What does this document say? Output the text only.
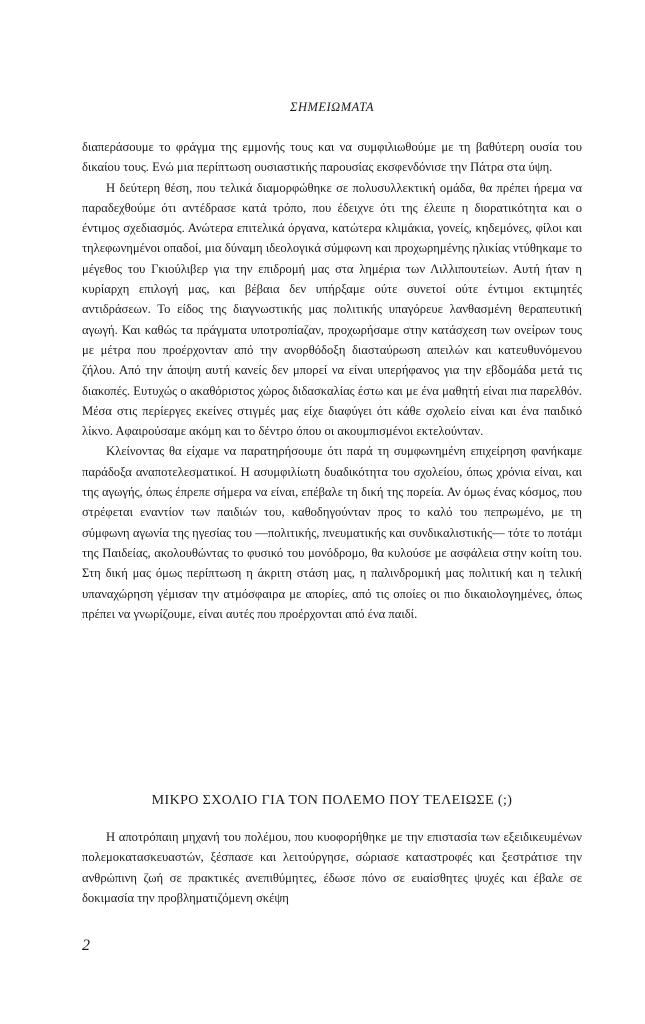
ΣΗΜΕΙΩΜΑΤΑ

διαπεράσουμε το φράγμα της εμμονής τους και να συμφιλιωθούμε με τη βαθύτερη ουσία του δικαίου τους. Ενώ μια περίπτωση ουσιαστικής παρουσίας εκσφενδόνισε την Πάτρα στα ύψη.

Η δεύτερη θέση, που τελικά διαμορφώθηκε σε πολυσυλλεκτική ομάδα, θα πρέπει ήρεμα να παραδεχθούμε ότι αντέδρασε κατά τρόπο, που έδειχνε ότι της έλειπε η διορατικότητα και ο έντιμος σχεδιασμός. Ανώτερα επιτελικά όργανα, κατώτερα κλιμάκια, γονείς, κηδεμόνες, φίλοι και τηλεφωνημένοι οπαδοί, μια δύναμη ιδεολογικά σύμφωνη και προχωρημένης ηλικίας ντύθηκαμε το μέγεθος του Γκιούλιβερ για την επιδρομή μας στα λημέρια των Λιλλιπουτείων. Αυτή ήταν η κυρίαρχη επιλογή μας, και βέβαια δεν υπήρξαμε ούτε συνετοί ούτε έντιμοι εκτιμητές αντιδράσεων. Το είδος της διαγνωστικής μας πολιτικής υπαγόρευε λανθασμένη θεραπευτική αγωγή. Και καθώς τα πράγματα υποτροπίαζαν, προχωρήσαμε στην κατάσχεση των ονείρων τους με μέτρα που προέρχονταν από την ανορθόδοξη διασταύρωση απειλών και κατευθυνόμενου ζήλου. Από την άποψη αυτή κανείς δεν μπορεί να είναι υπερήφανος για την εβδομάδα μετά τις διακοπές. Ευτυχώς ο ακαθόριστος χώρος διδασκαλίας έστω και με ένα μαθητή είναι πια παρελθόν. Μέσα στις περίεργες εκείνες στιγμές μας είχε διαφύγει ότι κάθε σχολείο είναι και ένα παιδικό λίκνο. Αφαιρούσαμε ακόμη και το δέντρο όπου οι ακουμπισμένοι εκτελούνταν.

Κλείνοντας θα είχαμε να παρατηρήσουμε ότι παρά τη συμφωνημένη επιχείρηση φανήκαμε παράδοξα αναποτελεσματικοί. Η ασυμφιλίωτη δυαδικότητα του σχολείου, όπως χρόνια είναι, και της αγωγής, όπως έπρεπε σήμερα να είναι, επέβαλε τη δική της πορεία. Αν όμως ένας κόσμος, που στρέφεται εναντίον των παιδιών του, καθοδηγούνταν προς το καλό του πεπρωμένο, με τη σύμφωνη αγωνία της ηγεσίας του —πολιτικής, πνευματικής και συνδικαλιστικής— τότε το ποτάμι της Παιδείας, ακολουθώντας το φυσικό του μονόδρομο, θα κυλούσε με ασφάλεια στην κοίτη του. Στη δική μας όμως περίπτωση η άκριτη στάση μας, η παλινδρομική μας πολιτική και η τελική υπαναχώρηση γέμισαν την ατμόσφαιρα με απορίες, από τις οποίες οι πιο δικαιολογημένες, όπως πρέπει να γνωρίζουμε, είναι αυτές που προέρχονται από ένα παιδί.

ΜΙΚΡΟ ΣΧΟΛΙΟ ΓΙΑ ΤΟΝ ΠΟΛΕΜΟ ΠΟΥ ΤΕΛΕΙΩΣΕ (;)

Η αποτρόπαιη μηχανή του πολέμου, που κυοφορήθηκε με την επιστασία των εξειδικευμένων πολεμοκατασκευαστών, ξέσπασε και λειτούργησε, σώριασε καταστροφές και ξεστράτισε την ανθρώπινη ζωή σε πρακτικές ανεπιθύμητες, έδωσε πόνο σε ευαίσθητες ψυχές και έβαλε σε δοκιμασία την προβληματιζόμενη σκέψη

2
